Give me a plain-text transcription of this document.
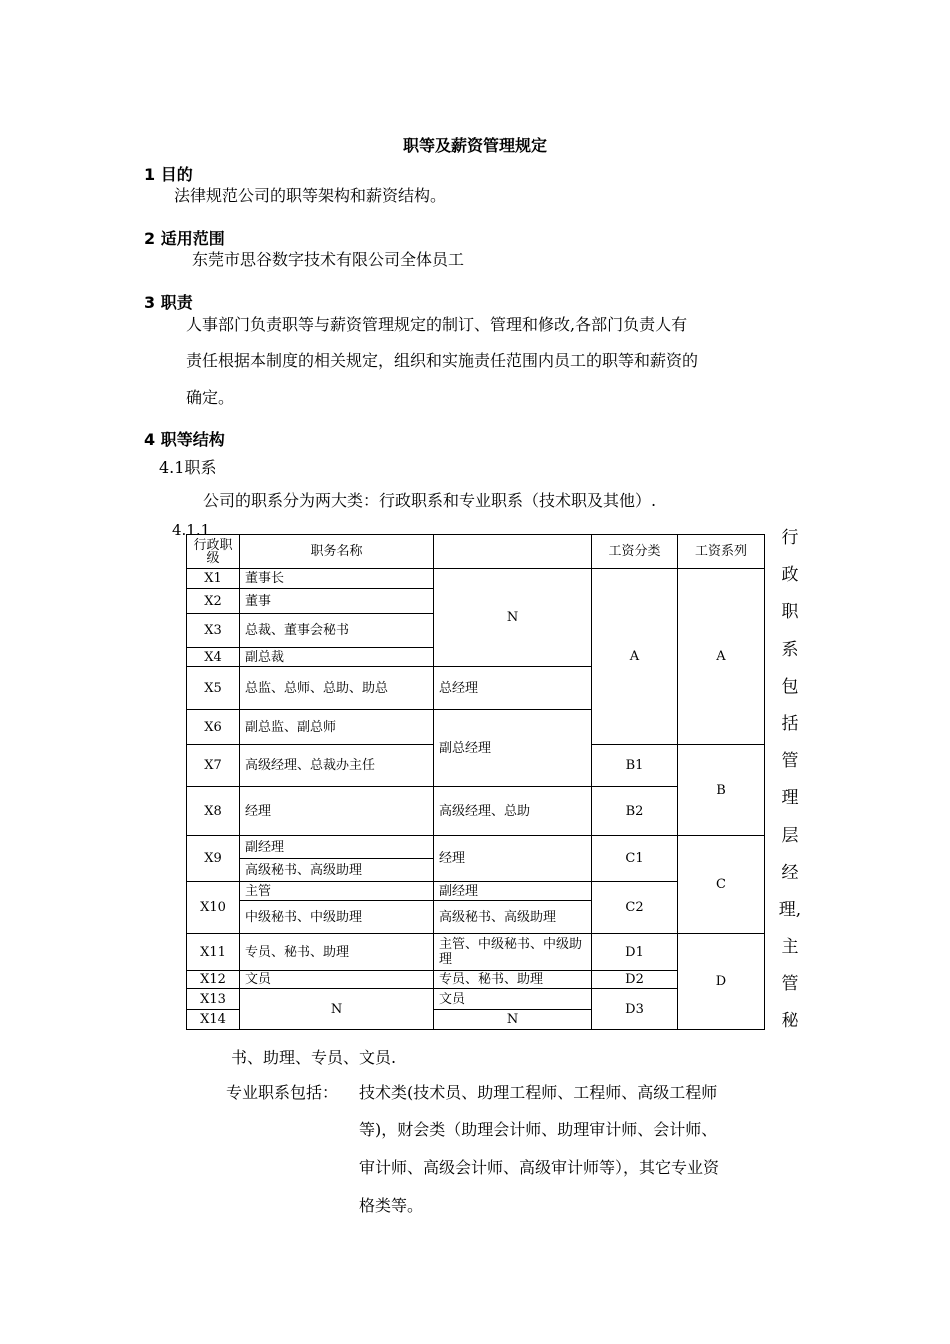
职等及薪资管理规定
1 目的
法律规范公司的职等架构和薪资结构。
2 适用范围
东莞市思谷数字技术有限公司全体员工
3 职责
人事部门负责职等与薪资管理规定的制订、管理和修改,各部门负责人有
责任根据本制度的相关规定，组织和实施责任范围内员工的职等和薪资的
确定。
4 职等结构
4.1职系
公司的职系分为两大类：行政职系和专业职系（技术职及其他）.
4.1.1
行政职级	职务名称		工资分类	工资系列
X1	董事长	N	A	A
X2	董事			
X3	总裁、董事会秘书			
X4	副总裁			
X5	总监、总师、总助、助总	总经理		
X6	副总监、副总师	副总经理		
X7	高级经理、总裁办主任		B1	B
X8	经理	高级经理、总助	B2	
X9	副经理	经理	C1	C
	高级秘书、高级助理			
X10	主管	副经理	C2	
	中级秘书、中级助理	高级秘书、高级助理		
X11	专员、秘书、助理	主管、中级秘书、中级助理	D1	D
X12	文员	专员、秘书、助理	D2	
X13	N	文员	D3	
X14		N		
行
政
职
系
包
括
管
理
层
经
理,
主
管
秘
书、助理、专员、文员.
专业职系包括： 技术类(技术员、助理工程师、工程师、高级工程师
等)，财会类（助理会计师、助理审计师、会计师、
审计师、高级会计师、高级审计师等），其它专业资
格类等。
